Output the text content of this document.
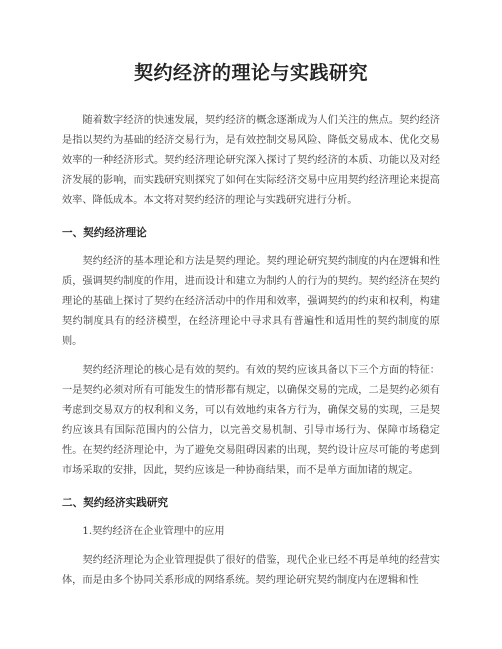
契约经济的理论与实践研究

随着数字经济的快速发展，契约经济的概念逐渐成为人们关注的焦点。契约经济是指以契约为基础的经济交易行为，是有效控制交易风险、降低交易成本、优化交易效率的一种经济形式。契约经济理论研究深入探讨了契约经济的本质、功能以及对经济发展的影响，而实践研究则探究了如何在实际经济交易中应用契约经济理论来提高效率、降低成本。本文将对契约经济的理论与实践研究进行分析。

一、契约经济理论

契约经济的基本理论和方法是契约理论。契约理论研究契约制度的内在逻辑和性质，强调契约制度的作用，进而设计和建立为制约人的行为的契约。契约经济在契约理论的基础上探讨了契约在经济活动中的作用和效率，强调契约的约束和权利，构建契约制度具有的经济模型，在经济理论中寻求具有普遍性和适用性的契约制度的原则。

契约经济理论的核心是有效的契约。有效的契约应该具备以下三个方面的特征：一是契约必须对所有可能发生的情形都有规定，以确保交易的完成，二是契约必须有考虑到交易双方的权利和义务，可以有效地约束各方行为，确保交易的实现，三是契约应该具有国际范围内的公信力，以完善交易机制、引导市场行为、保障市场稳定性。在契约经济理论中，为了避免交易阻碍因素的出现，契约设计应尽可能的考虑到市场采取的安排，因此，契约应该是一种协商结果，而不是单方面加诸的规定。

二、契约经济实践研究
1.契约经济在企业管理中的应用

契约经济理论为企业管理提供了很好的借鉴，现代企业已经不再是单纯的经营实体，而是由多个协同关系形成的网络系统。契约理论研究契约制度内在逻辑和性
